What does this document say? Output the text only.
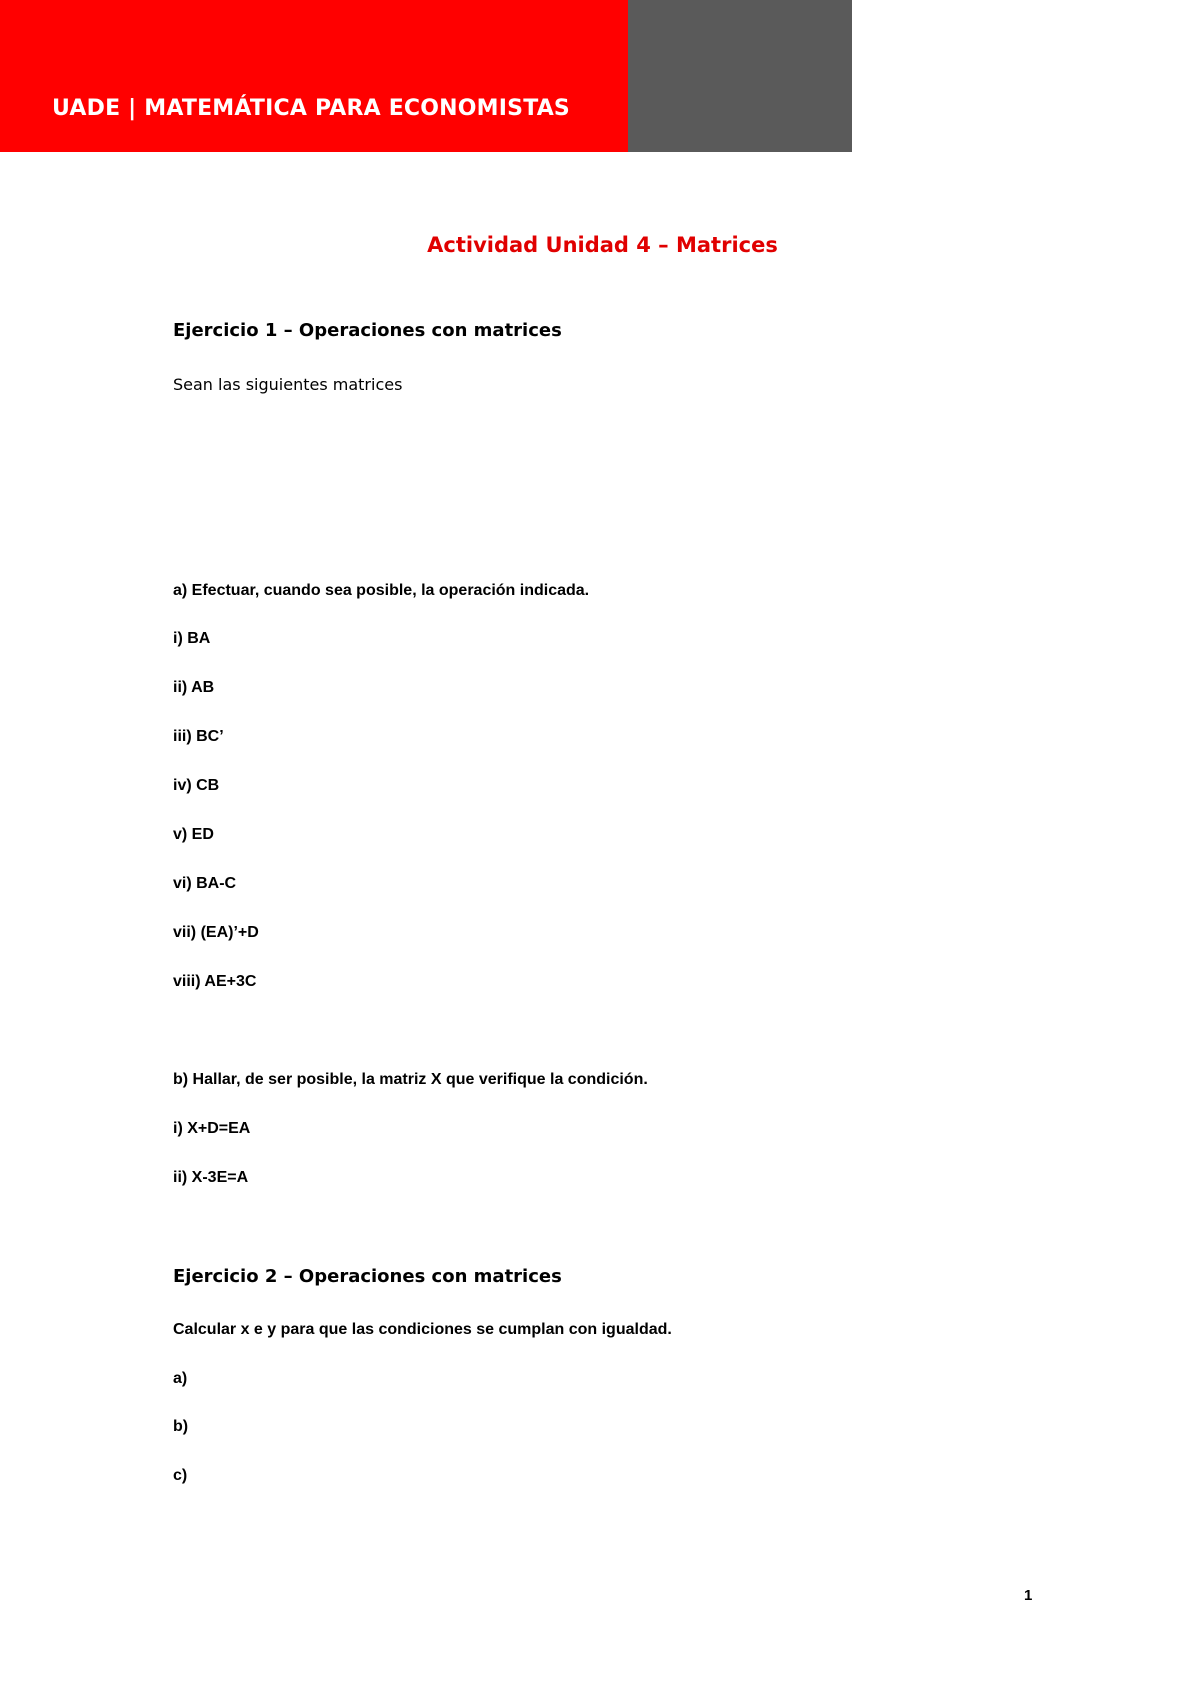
UADE | MATEMÁTICA PARA ECONOMISTAS
Actividad Unidad 4 – Matrices
Ejercicio 1 – Operaciones con matrices
Sean las siguientes matrices
a) Efectuar, cuando sea posible, la operación indicada.
i) BA
ii) AB
iii) BC’
iv) CB
v) ED
vi) BA-C
vii) (EA)’+D
viii) AE+3C
b) Hallar, de ser posible, la matriz X que verifique la condición.
i) X+D=EA
ii) X-3E=A
Ejercicio 2 – Operaciones con matrices
Calcular x e y para que las condiciones se cumplan con igualdad.
a)
b)
c)
1
